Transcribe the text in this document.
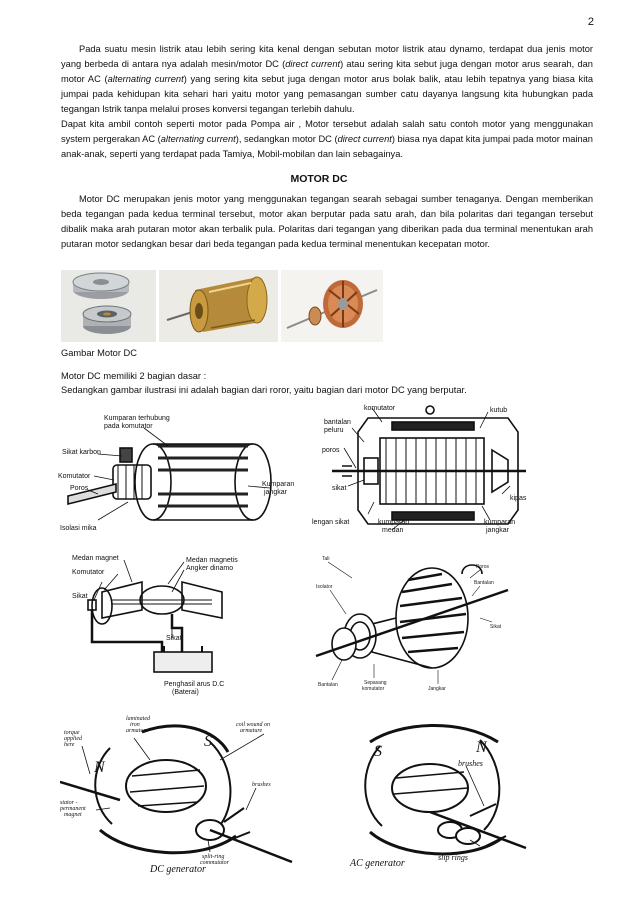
2

Pada suatu mesin listrik atau lebih sering kita kenal dengan sebutan motor listrik atau dynamo, terdapat dua jenis motor yang berbeda di antara nya adalah mesin/motor DC (direct current) atau sering kita sebut juga dengan motor arus searah, dan motor AC (alternating current) yang sering kita sebut juga dengan motor arus bolak balik, atau lebih tepatnya yang biasa kita jumpai pada kehidupan kita sehari hari yaitu motor yang pemasangan sumber catu dayanya langsung kita hubungkan pada tegangan lstrik tanpa melalui proses konversi tegangan terlebih dahulu.

Dapat kita ambil contoh seperti motor pada Pompa air , Motor tersebut adalah salah satu contoh motor yang menggunakan system pergerakan AC (alternating current), sedangkan motor DC (direct current) biasa nya dapat kita jumpai pada motor mainan anak-anak, seperti yang terdapat pada Tamiya, Mobil-mobilan dan lain sebagainya.

MOTOR DC

Motor DC merupakan jenis motor yang menggunakan tegangan searah sebagai sumber tenaganya. Dengan memberikan beda tegangan pada kedua terminal tersebut, motor akan berputar pada satu arah, dan bila polaritas dari tegangan tersebut dibalik maka arah putaran motor akan terbalik pula. Polaritas dari tegangan yang diberikan pada dua terminal menentukan arah putaran motor sedangkan besar dari beda tegangan pada kedua terminal menentukan kecepatan motor.

Gambar Motor DC
Motor DC memiliki 2 bagian dasar :
Sedangkan gambar ilustrasi ini adalah bagian dari roror, yaitu bagian dari motor DC yang berputar.
Kumparan terhubung
pada komutator
Sikat karbon
Komutator
Poros
Isolasi mika
Kumparan
jangkar
komutator	kutub
bantalan
peluru
poros
sikat
kipas
lengan sikat	kumparan
medan
kumparan
jangkar
Medan magnet
Komutator
Sikat
Medan magnetis
Angker dinamo
Sikat
Penghasil arus D.C
(Baterai)
Tali
Isolator
Poros
Bantalan
Sikat
Bantalan	Sepasang
komutator	Jangkar
torque
applied
here
laminated
iron
armature
coil wound on
armature
S
N
stator -
permanent
magnet
brushes
split-ring
commutator
DC generator
S	N
brushes
slip rings
AC generator
